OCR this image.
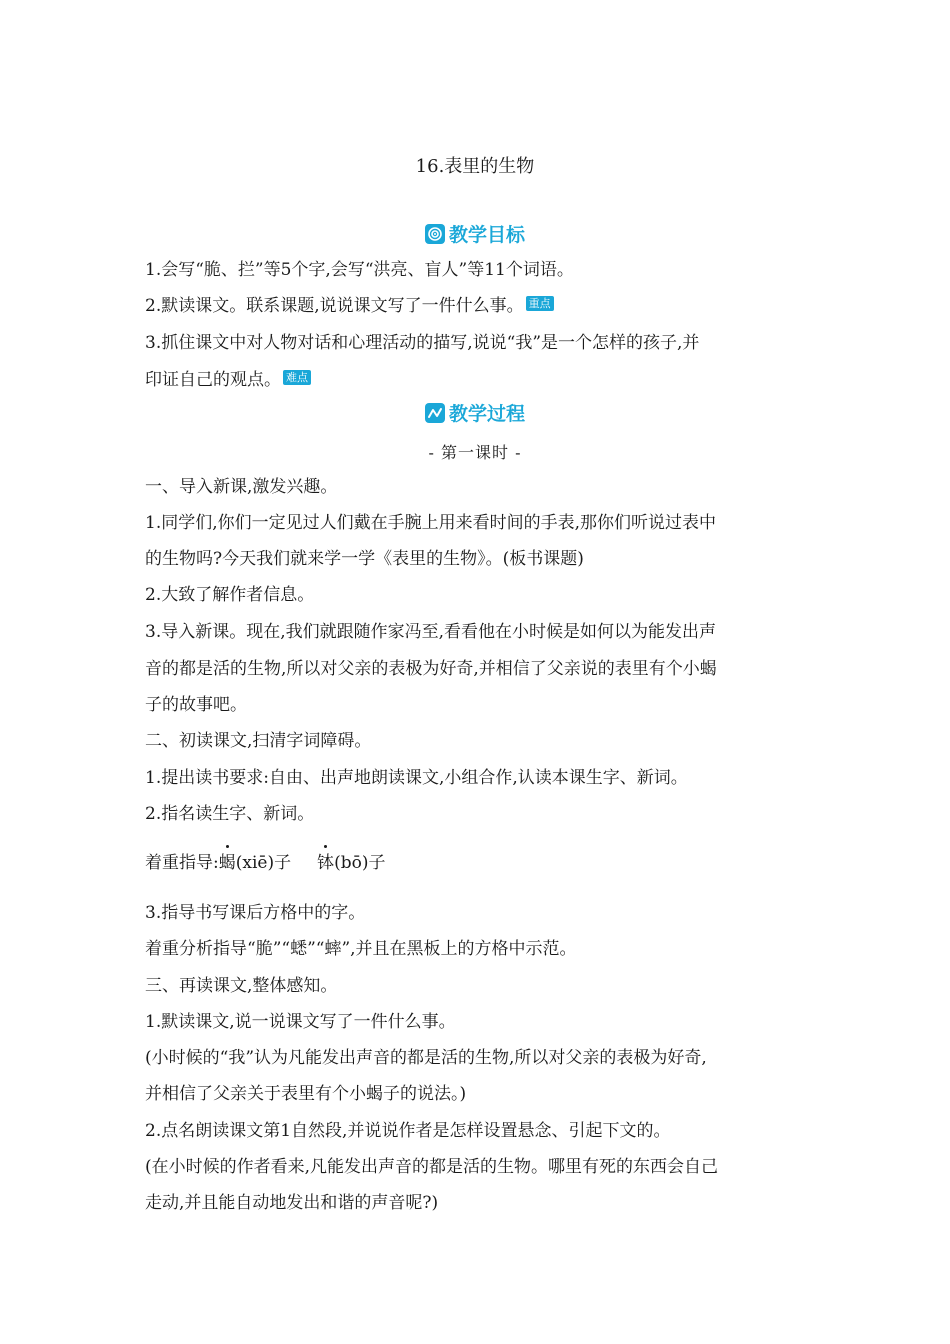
16.表里的生物
教学目标
1.会写“脆、拦”等5个字,会写“洪亮、盲人”等11个词语。
2.默读课文。联系课题,说说课文写了一件什么事。 重点
3.抓住课文中对人物对话和心理活动的描写,说说“我”是一个怎样的孩子,并
印证自己的观点。 难点
教学过程
- 第一课时 -
一、导入新课,激发兴趣。
1.同学们,你们一定见过人们戴在手腕上用来看时间的手表,那你们听说过表中
的生物吗?今天我们就来学一学《表里的生物》。(板书课题)
2.大致了解作者信息。
3.导入新课。现在,我们就跟随作家冯至,看看他在小时候是如何以为能发出声
音的都是活的生物,所以对父亲的表极为好奇,并相信了父亲说的表里有个小蝎
子的故事吧。
二、初读课文,扫清字词障碍。
1.提出读书要求:自由、出声地朗读课文,小组合作,认读本课生字、新词。
2.指名读生字、新词。
着重指导:蝎(xiē)子 钵(bō)子
3.指导书写课后方格中的字。
着重分析指导“脆”“蟋”“蟀”,并且在黑板上的方格中示范。
三、再读课文,整体感知。
1.默读课文,说一说课文写了一件什么事。
(小时候的“我”认为凡能发出声音的都是活的生物,所以对父亲的表极为好奇,
并相信了父亲关于表里有个小蝎子的说法。)
2.点名朗读课文第1自然段,并说说作者是怎样设置悬念、引起下文的。
(在小时候的作者看来,凡能发出声音的都是活的生物。哪里有死的东西会自己
走动,并且能自动地发出和谐的声音呢?)
